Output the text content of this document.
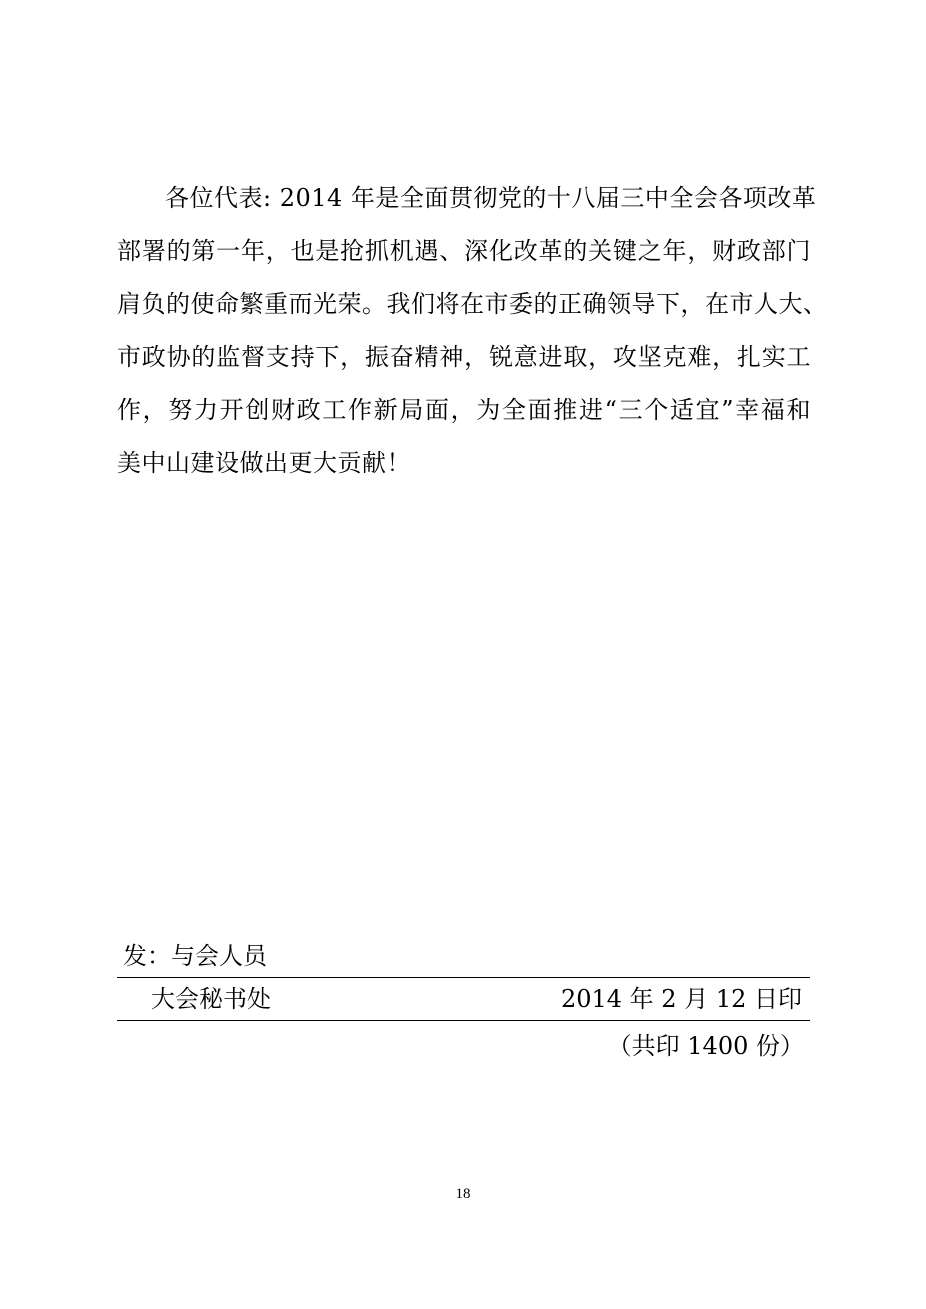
各位代表: 2014 年是全面贯彻党的十八届三中全会各项改革
部署的第一年，也是抢抓机遇、深化改革的关键之年，财政部门
肩负的使命繁重而光荣。我们将在市委的正确领导下，在市人大、
市政协的监督支持下，振奋精神，锐意进取，攻坚克难，扎实工
作，努力开创财政工作新局面，为全面推进“三个适宜”幸福和
美中山建设做出更大贡献！
发：与会人员
大会秘书处	2014 年 2 月 12 日印
（共印 1400 份）
18
